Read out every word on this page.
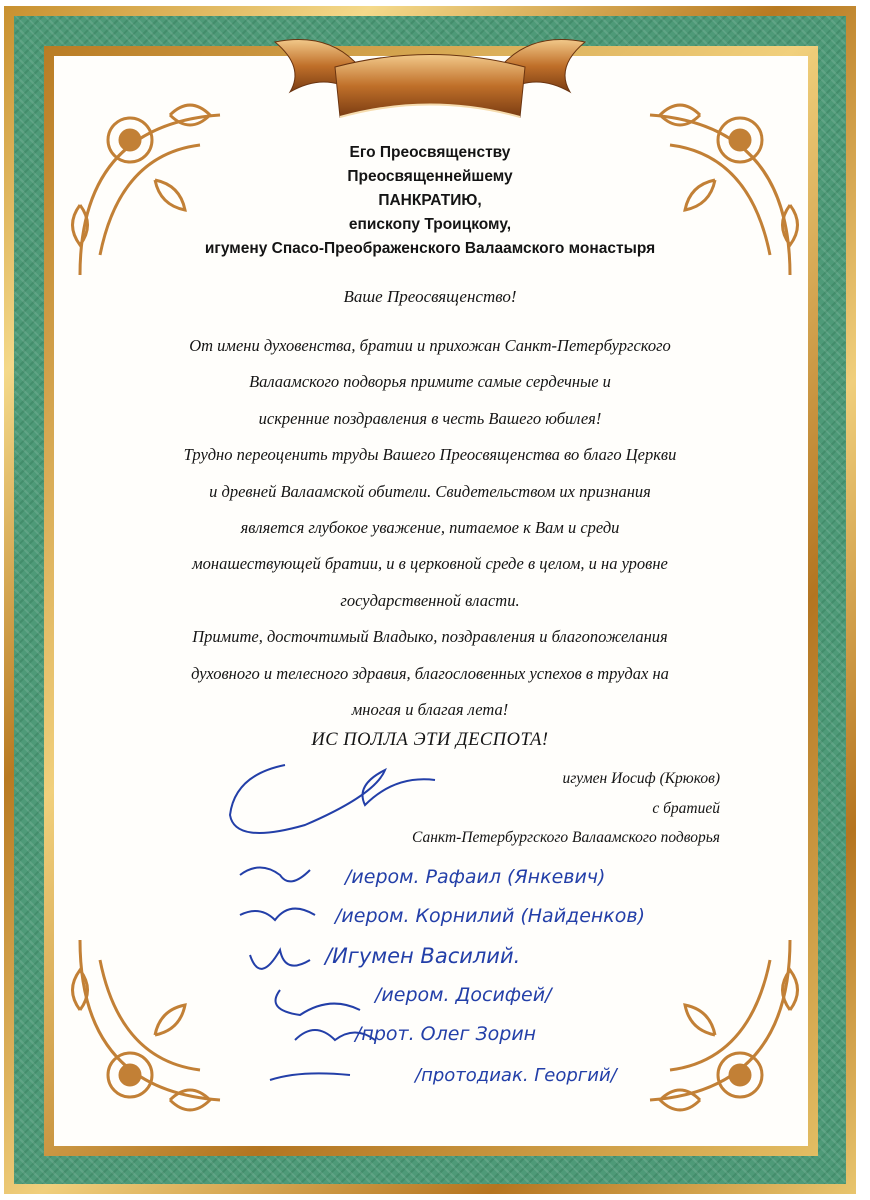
Его Преосвященству
Преосвященнейшему
ПАНКРАТИЮ,
епископу Троицкому,
игумену Спасо-Преображенского Валаамского монастыря
Ваше Преосвященство!
От имени духовенства, братии и прихожан Санкт-Петербургского
Валаамского подворья примите самые сердечные и
искренние поздравления в честь Вашего юбилея!
Трудно переоценить труды Вашего Преосвященства во благо Церкви
и древней Валаамской обители. Свидетельством их признания
является глубокое уважение, питаемое к Вам и среди
монашествующей братии, и в церковной среде в целом, и на уровне
государственной власти.
Примите, досточтимый Владыко, поздравления и благопожелания
духовного и телесного здравия, благословенных успехов в трудах на
многая и благая лета!
ИС ПОЛЛА ЭТИ ДЕСПОТА!
игумен Иосиф (Крюков)
с братией
Санкт-Петербургского Валаамского подворья
/иером. Рафаил (Янкевич)
/иером. Корнилий (Найденков)
/Игумен Василий.
/иером. Досифей/
/прот. Олег Зорин
/протодиак. Георгий/
